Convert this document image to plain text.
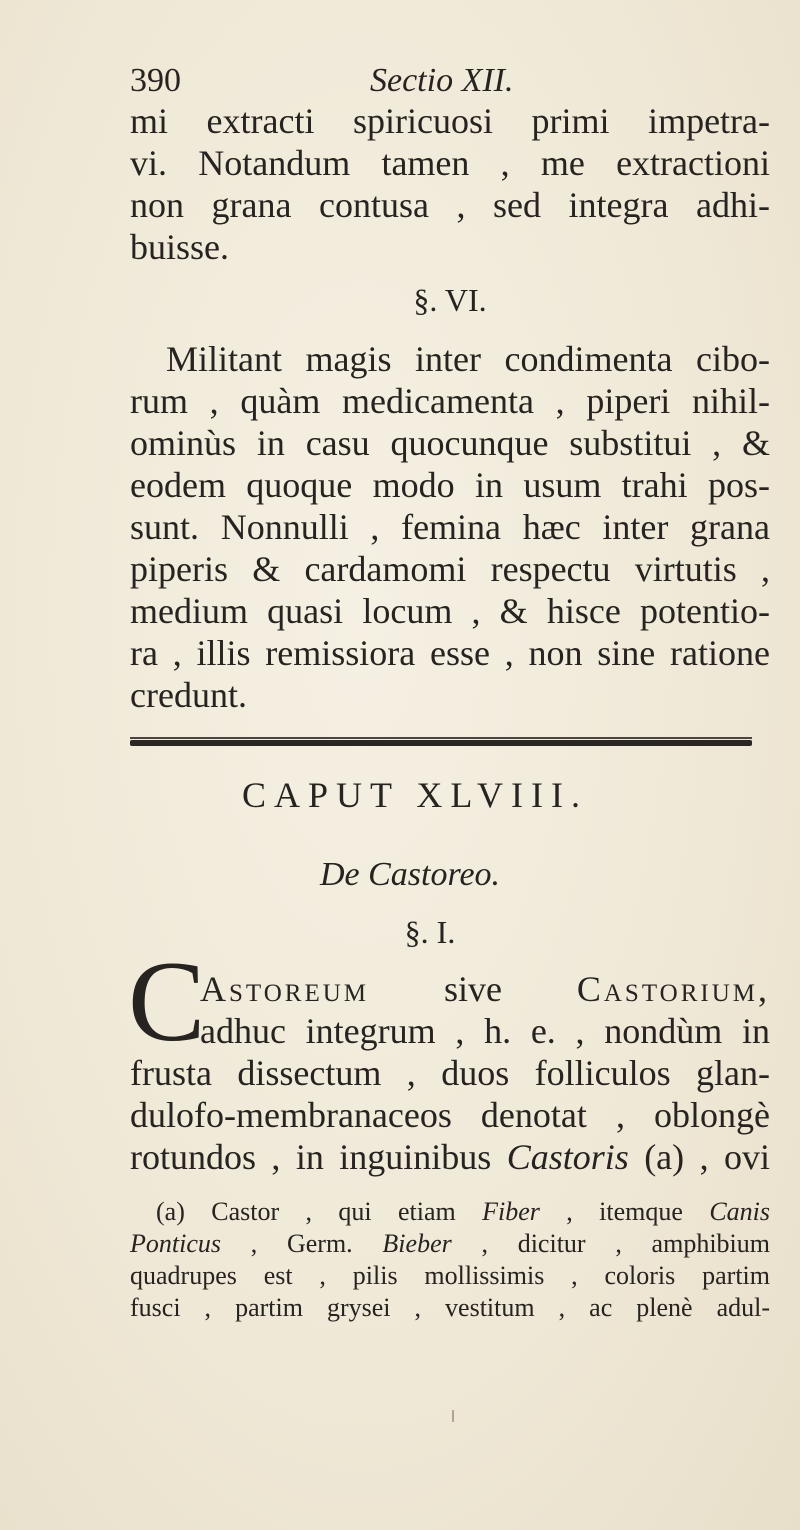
390	Sectio XII.
mi extracti spiricuosi primi impetra-
vi. Notandum tamen , me extractioni
non grana contusa , sed integra adhi-
buisse.
§. VI.
Militant magis inter condimenta cibo-
rum , quàm medicamenta , piperi nihil-
ominùs in casu quocunque substitui , &
eodem quoque modo in usum trahi pos-
sunt. Nonnulli , femina hæc inter grana
piperis & cardamomi respectu virtutis ,
medium quasi locum , & hisce potentio-
ra , illis remissiora esse , non sine ratione
credunt.
CAPUT XLVIII.
De Castoreo.
§. I.
C
Astoreum sive Castorium,
adhuc integrum , h. e. , nondùm in
frusta dissectum , duos folliculos glan-
dulofo-membranaceos denotat , oblongè
rotundos , in inguinibus Castoris (a) , ovi
(a) Castor , qui etiam Fiber , itemque Canis
Ponticus , Germ. Bieber , dicitur , amphibium
quadrupes est , pilis mollissimis , coloris partim
fusci , partim grysei , vestitum , ac plenè adul-
